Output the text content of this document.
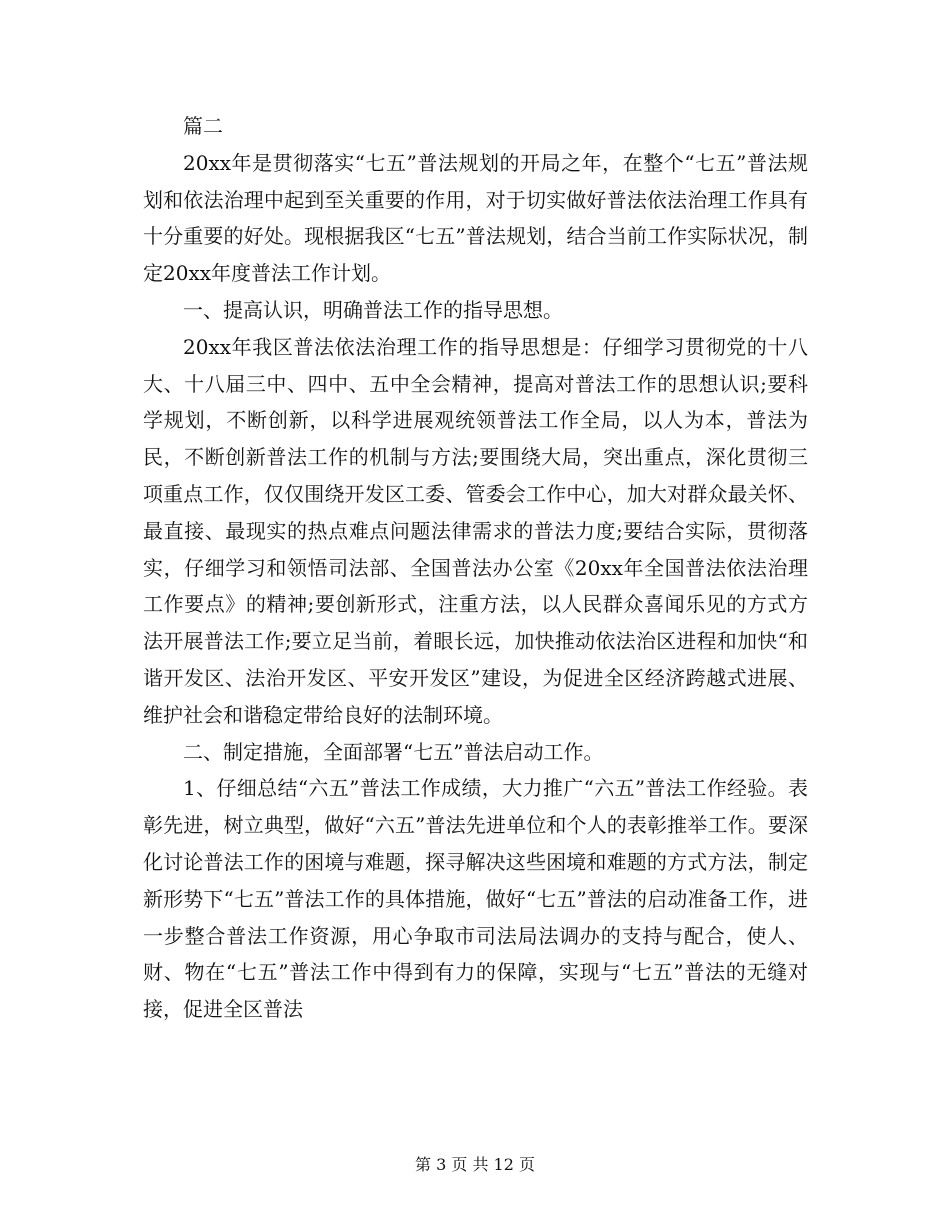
篇二

20xx年是贯彻落实“七五”普法规划的开局之年，在整个“七五”普法规划和依法治理中起到至关重要的作用，对于切实做好普法依法治理工作具有十分重要的好处。现根据我区“七五”普法规划，结合当前工作实际状况，制定20xx年度普法工作计划。

一、提高认识，明确普法工作的指导思想。

20xx年我区普法依法治理工作的指导思想是：仔细学习贯彻党的十八大、十八届三中、四中、五中全会精神，提高对普法工作的思想认识;要科学规划，不断创新，以科学进展观统领普法工作全局，以人为本，普法为民，不断创新普法工作的机制与方法;要围绕大局，突出重点，深化贯彻三项重点工作，仅仅围绕开发区工委、管委会工作中心，加大对群众最关怀、最直接、最现实的热点难点问题法律需求的普法力度;要结合实际，贯彻落实，仔细学习和领悟司法部、全国普法办公室《20xx年全国普法依法治理工作要点》的精神;要创新形式，注重方法，以人民群众喜闻乐见的方式方法开展普法工作;要立足当前，着眼长远，加快推动依法治区进程和加快“和谐开发区、法治开发区、平安开发区”建设，为促进全区经济跨越式进展、维护社会和谐稳定带给良好的法制环境。

二、制定措施，全面部署“七五”普法启动工作。

1、仔细总结“六五”普法工作成绩，大力推广“六五”普法工作经验。表彰先进，树立典型，做好“六五”普法先进单位和个人的表彰推举工作。要深化讨论普法工作的困境与难题，探寻解决这些困境和难题的方式方法，制定新形势下“七五”普法工作的具体措施，做好“七五”普法的启动准备工作，进一步整合普法工作资源，用心争取市司法局法调办的支持与配合，使人、财、物在“七五”普法工作中得到有力的保障，实现与“七五”普法的无缝对接，促进全区普法

第 3 页 共 12 页
